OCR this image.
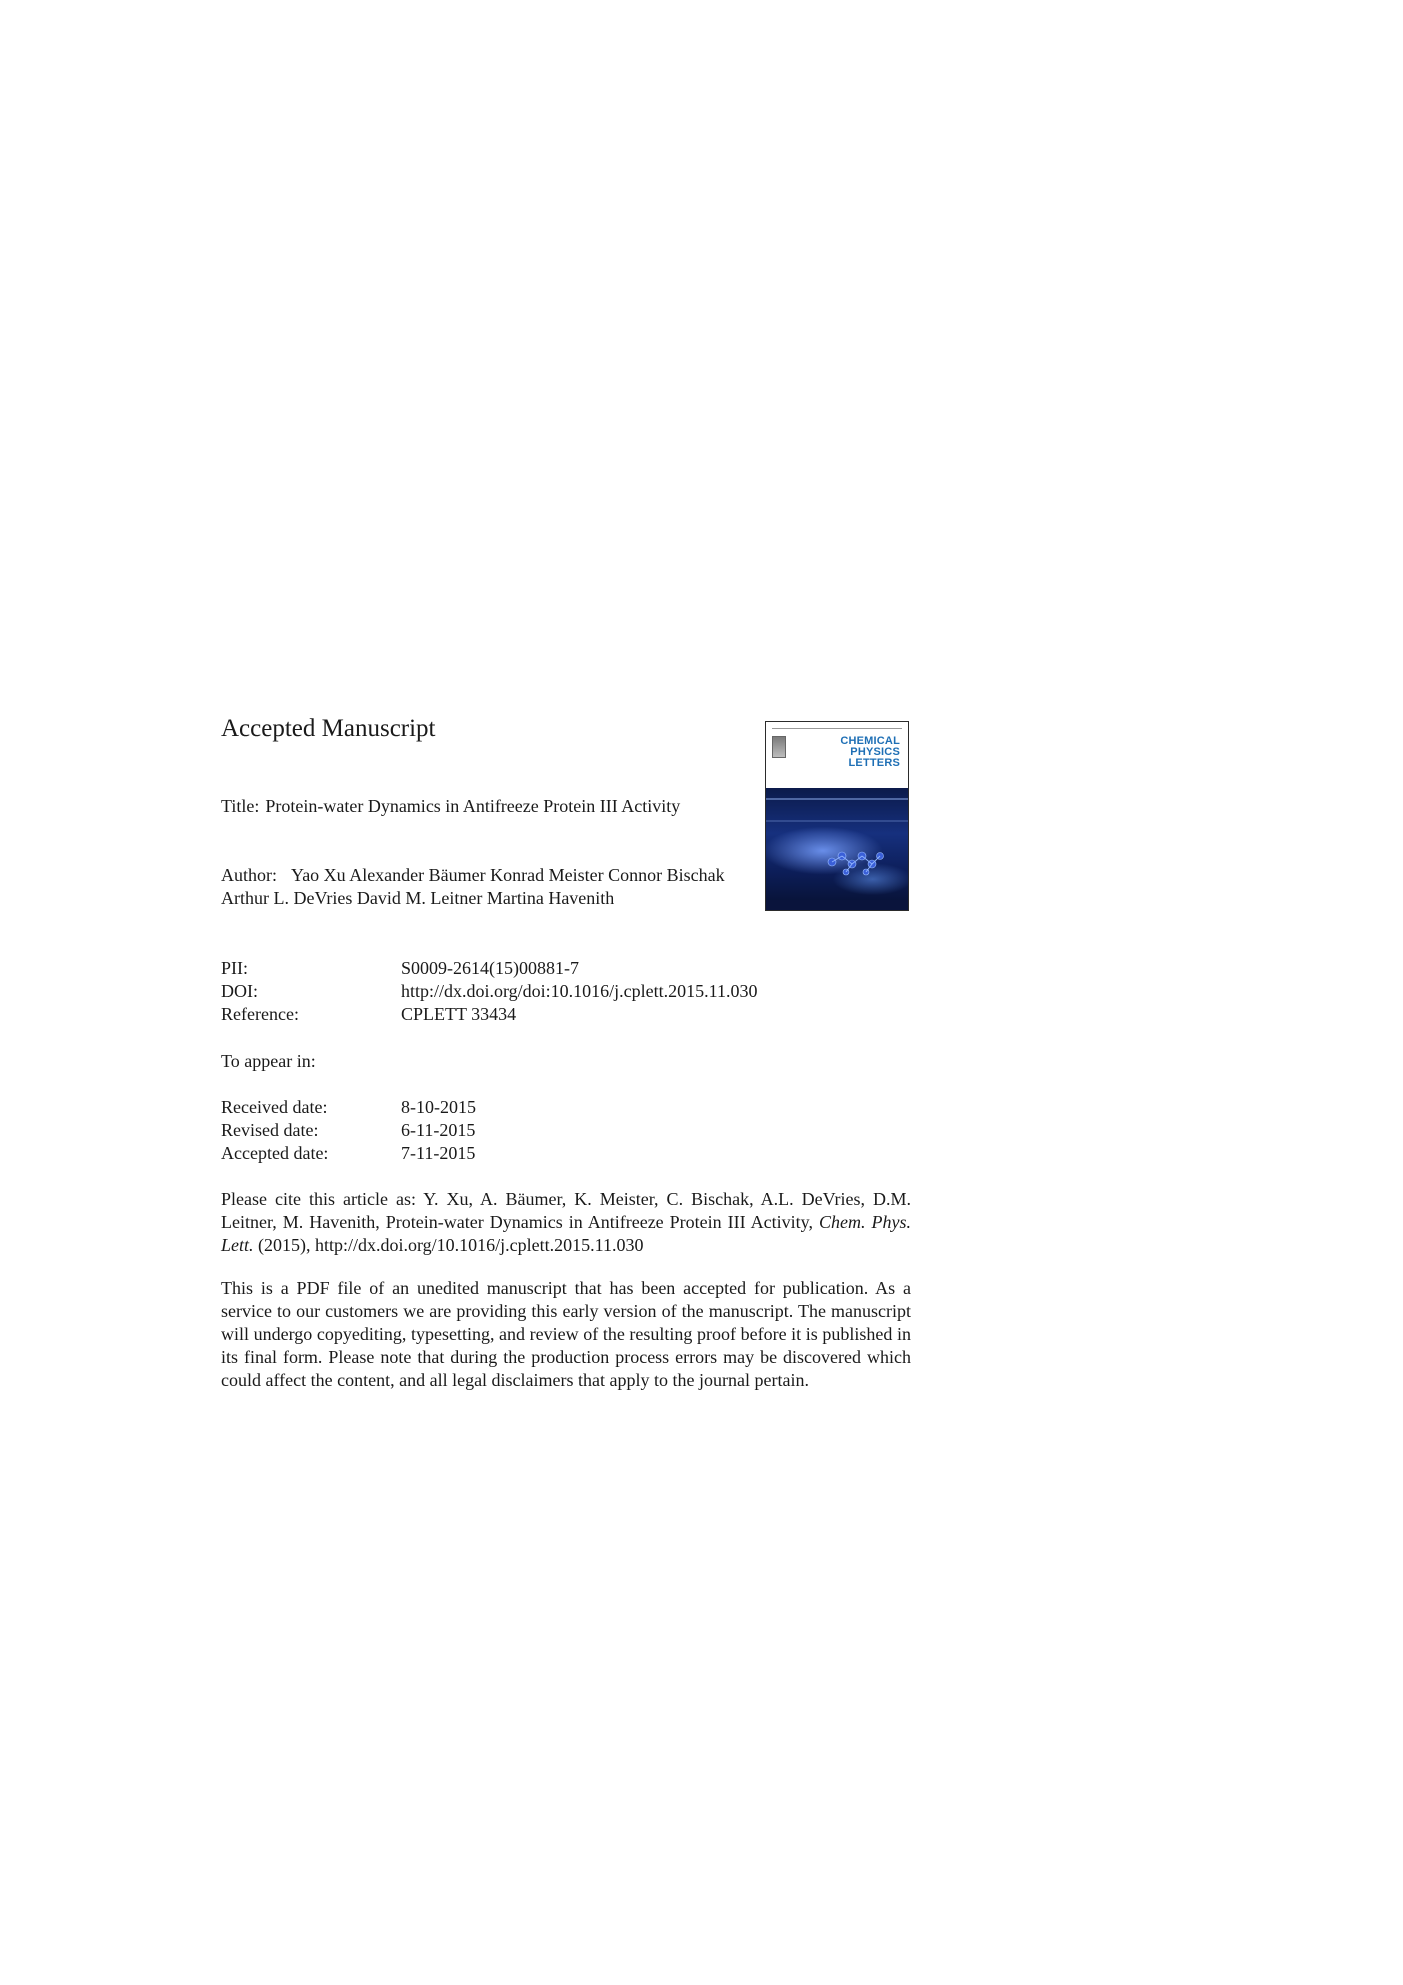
Accepted Manuscript	CHEMICAL
PHYSICS
LETTERS
Title: Protein-water Dynamics in Antifreeze Protein III Activity
Author: Yao Xu Alexander Bäumer Konrad Meister Connor Bischak Arthur L. DeVries David M. Leitner Martina Havenith
PII:	S0009-2614(15)00881-7
DOI:	http://dx.doi.org/doi:10.1016/j.cplett.2015.11.030
Reference:	CPLETT 33434
To appear in:
Received date:	8-10-2015
Revised date:	6-11-2015
Accepted date:	7-11-2015
Please cite this article as: Y. Xu, A. Bäumer, K. Meister, C. Bischak, A.L. DeVries, D.M. Leitner, M. Havenith, Protein-water Dynamics in Antifreeze Protein III Activity, Chem. Phys. Lett. (2015), http://dx.doi.org/10.1016/j.cplett.2015.11.030
This is a PDF file of an unedited manuscript that has been accepted for publication. As a service to our customers we are providing this early version of the manuscript. The manuscript will undergo copyediting, typesetting, and review of the resulting proof before it is published in its final form. Please note that during the production process errors may be discovered which could affect the content, and all legal disclaimers that apply to the journal pertain.
